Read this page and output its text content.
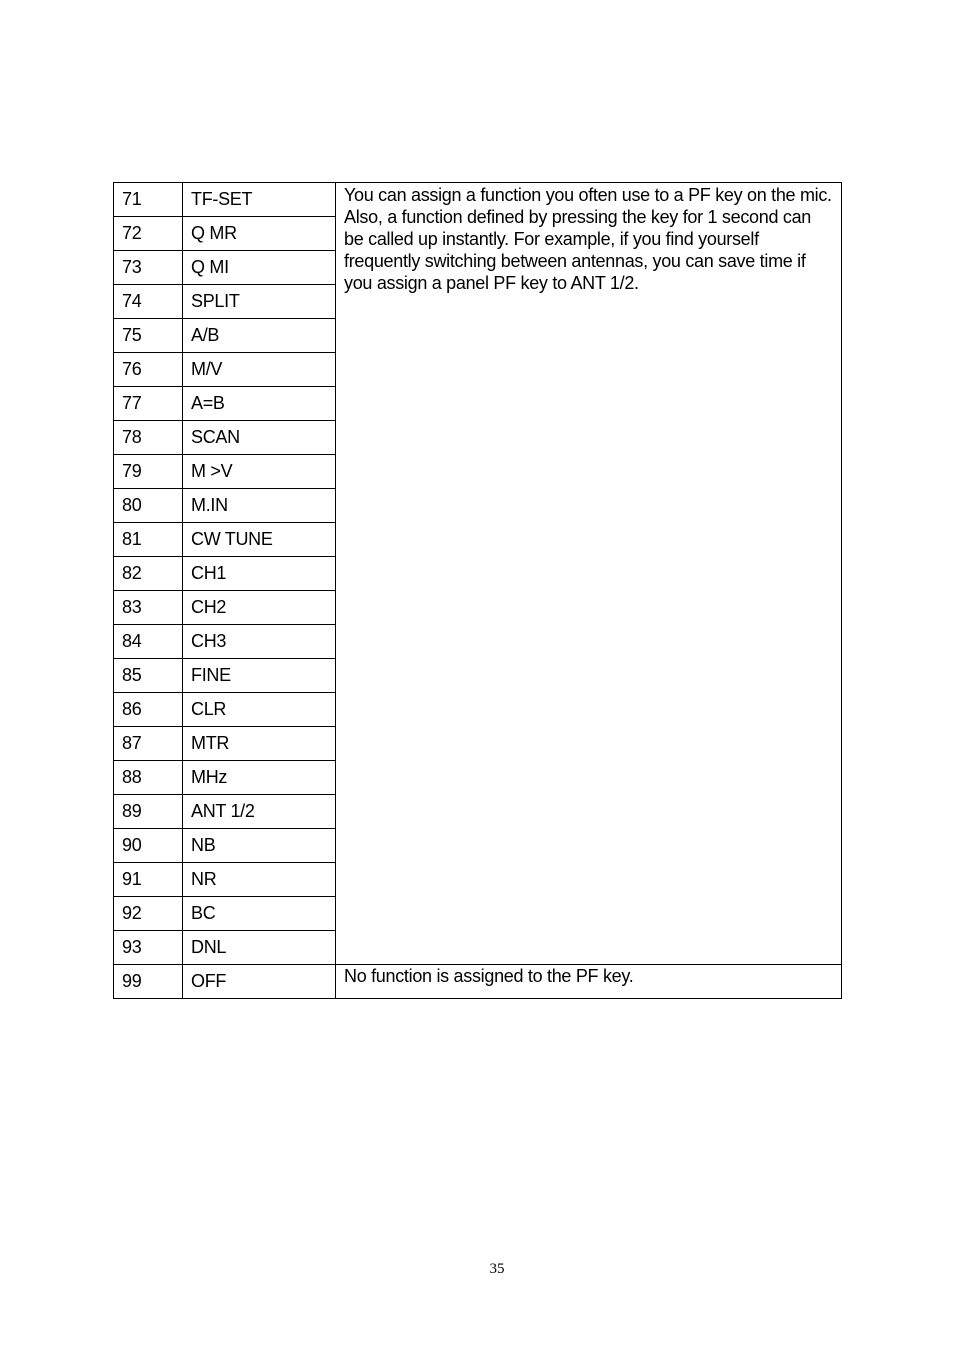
71	TF-SET	You can assign a function you often use to a PF key on the mic. Also, a function defined by pressing the key for 1 second can be called up instantly. For example, if you find yourself frequently switching between antennas, you can save time if you assign a panel PF key to ANT 1/2.
72	Q MR	
73	Q MI	
74	SPLIT	
75	A/B	
76	M/V	
77	A=B	
78	SCAN	
79	M >V	
80	M.IN	
81	CW TUNE	
82	CH1	
83	CH2	
84	CH3	
85	FINE	
86	CLR	
87	MTR	
88	MHz	
89	ANT 1/2	
90	NB	
91	NR	
92	BC	
93	DNL	
99	OFF	No function is assigned to the PF key.
35
